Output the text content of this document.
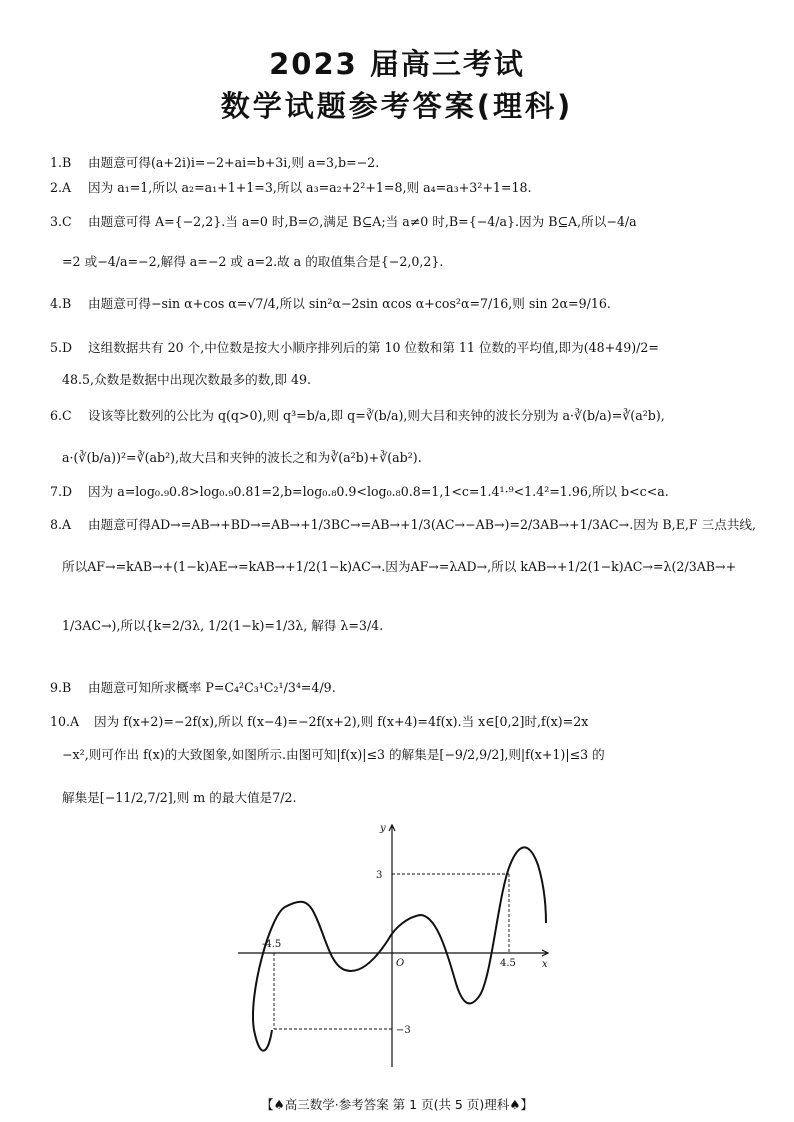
2023 届高三考试
数学试题参考答案(理科)
1.B 由题意可得(a+2i)i=−2+ai=b+3i,则 a=3,b=−2.
2.A 因为 a₁=1,所以 a₂=a₁+1+1=3,所以 a₃=a₂+2²+1=8,则 a₄=a₃+3²+1=18.
3.C 由题意可得 A={−2,2}.当 a=0 时,B=∅,满足 B⊆A;当 a≠0 时,B={−4/a}.因为 B⊆A,所以−4/a
=2 或−4/a=−2,解得 a=−2 或 a=2.故 a 的取值集合是{−2,0,2}.
4.B 由题意可得−sin α+cos α=√7/4,所以 sin²α−2sin αcos α+cos²α=7/16,则 sin 2α=9/16.
5.D 这组数据共有 20 个,中位数是按大小顺序排列后的第 10 位数和第 11 位数的平均值,即为(48+49)/2=
48.5,众数是数据中出现次数最多的数,即 49.
6.C 设该等比数列的公比为 q(q>0),则 q³=b/a,即 q=∛(b/a),则大吕和夹钟的波长分别为 a·∛(b/a)=∛(a²b),
a·(∛(b/a))²=∛(ab²),故大吕和夹钟的波长之和为∛(a²b)+∛(ab²).
7.D 因为 a=log₀.₉0.8>log₀.₉0.81=2,b=log₀.₈0.9<log₀.₈0.8=1,1<c=1.4¹·⁹<1.4²=1.96,所以 b<c<a.
8.A 由题意可得AD→=AB→+BD→=AB→+1/3BC→=AB→+1/3(AC→−AB→)=2/3AB→+1/3AC→.因为 B,E,F 三点共线,
所以AF→=kAB→+(1−k)AE→=kAB→+1/2(1−k)AC→.因为AF→=λAD→,所以 kAB→+1/2(1−k)AC→=λ(2/3AB→+
1/3AC→),所以{k=2/3λ, 1/2(1−k)=1/3λ, 解得 λ=3/4.
9.B 由题意可知所求概率 P=C₄²C₃¹C₂¹/3⁴=4/9.
10.A 因为 f(x+2)=−2f(x),所以 f(x−4)=−2f(x+2),则 f(x+4)=4f(x).当 x∈[0,2]时,f(x)=2x
−x²,则可作出 f(x)的大致图象,如图所示.由图可知|f(x)|≤3 的解集是[−9/2,9/2],则|f(x+1)|≤3 的
解集是[−11/2,7/2],则 m 的最大值是7/2.
y
x
O
-4.5
4.5
3
−3
【♠高三数学·参考答案 第 1 页(共 5 页)理科♠】
